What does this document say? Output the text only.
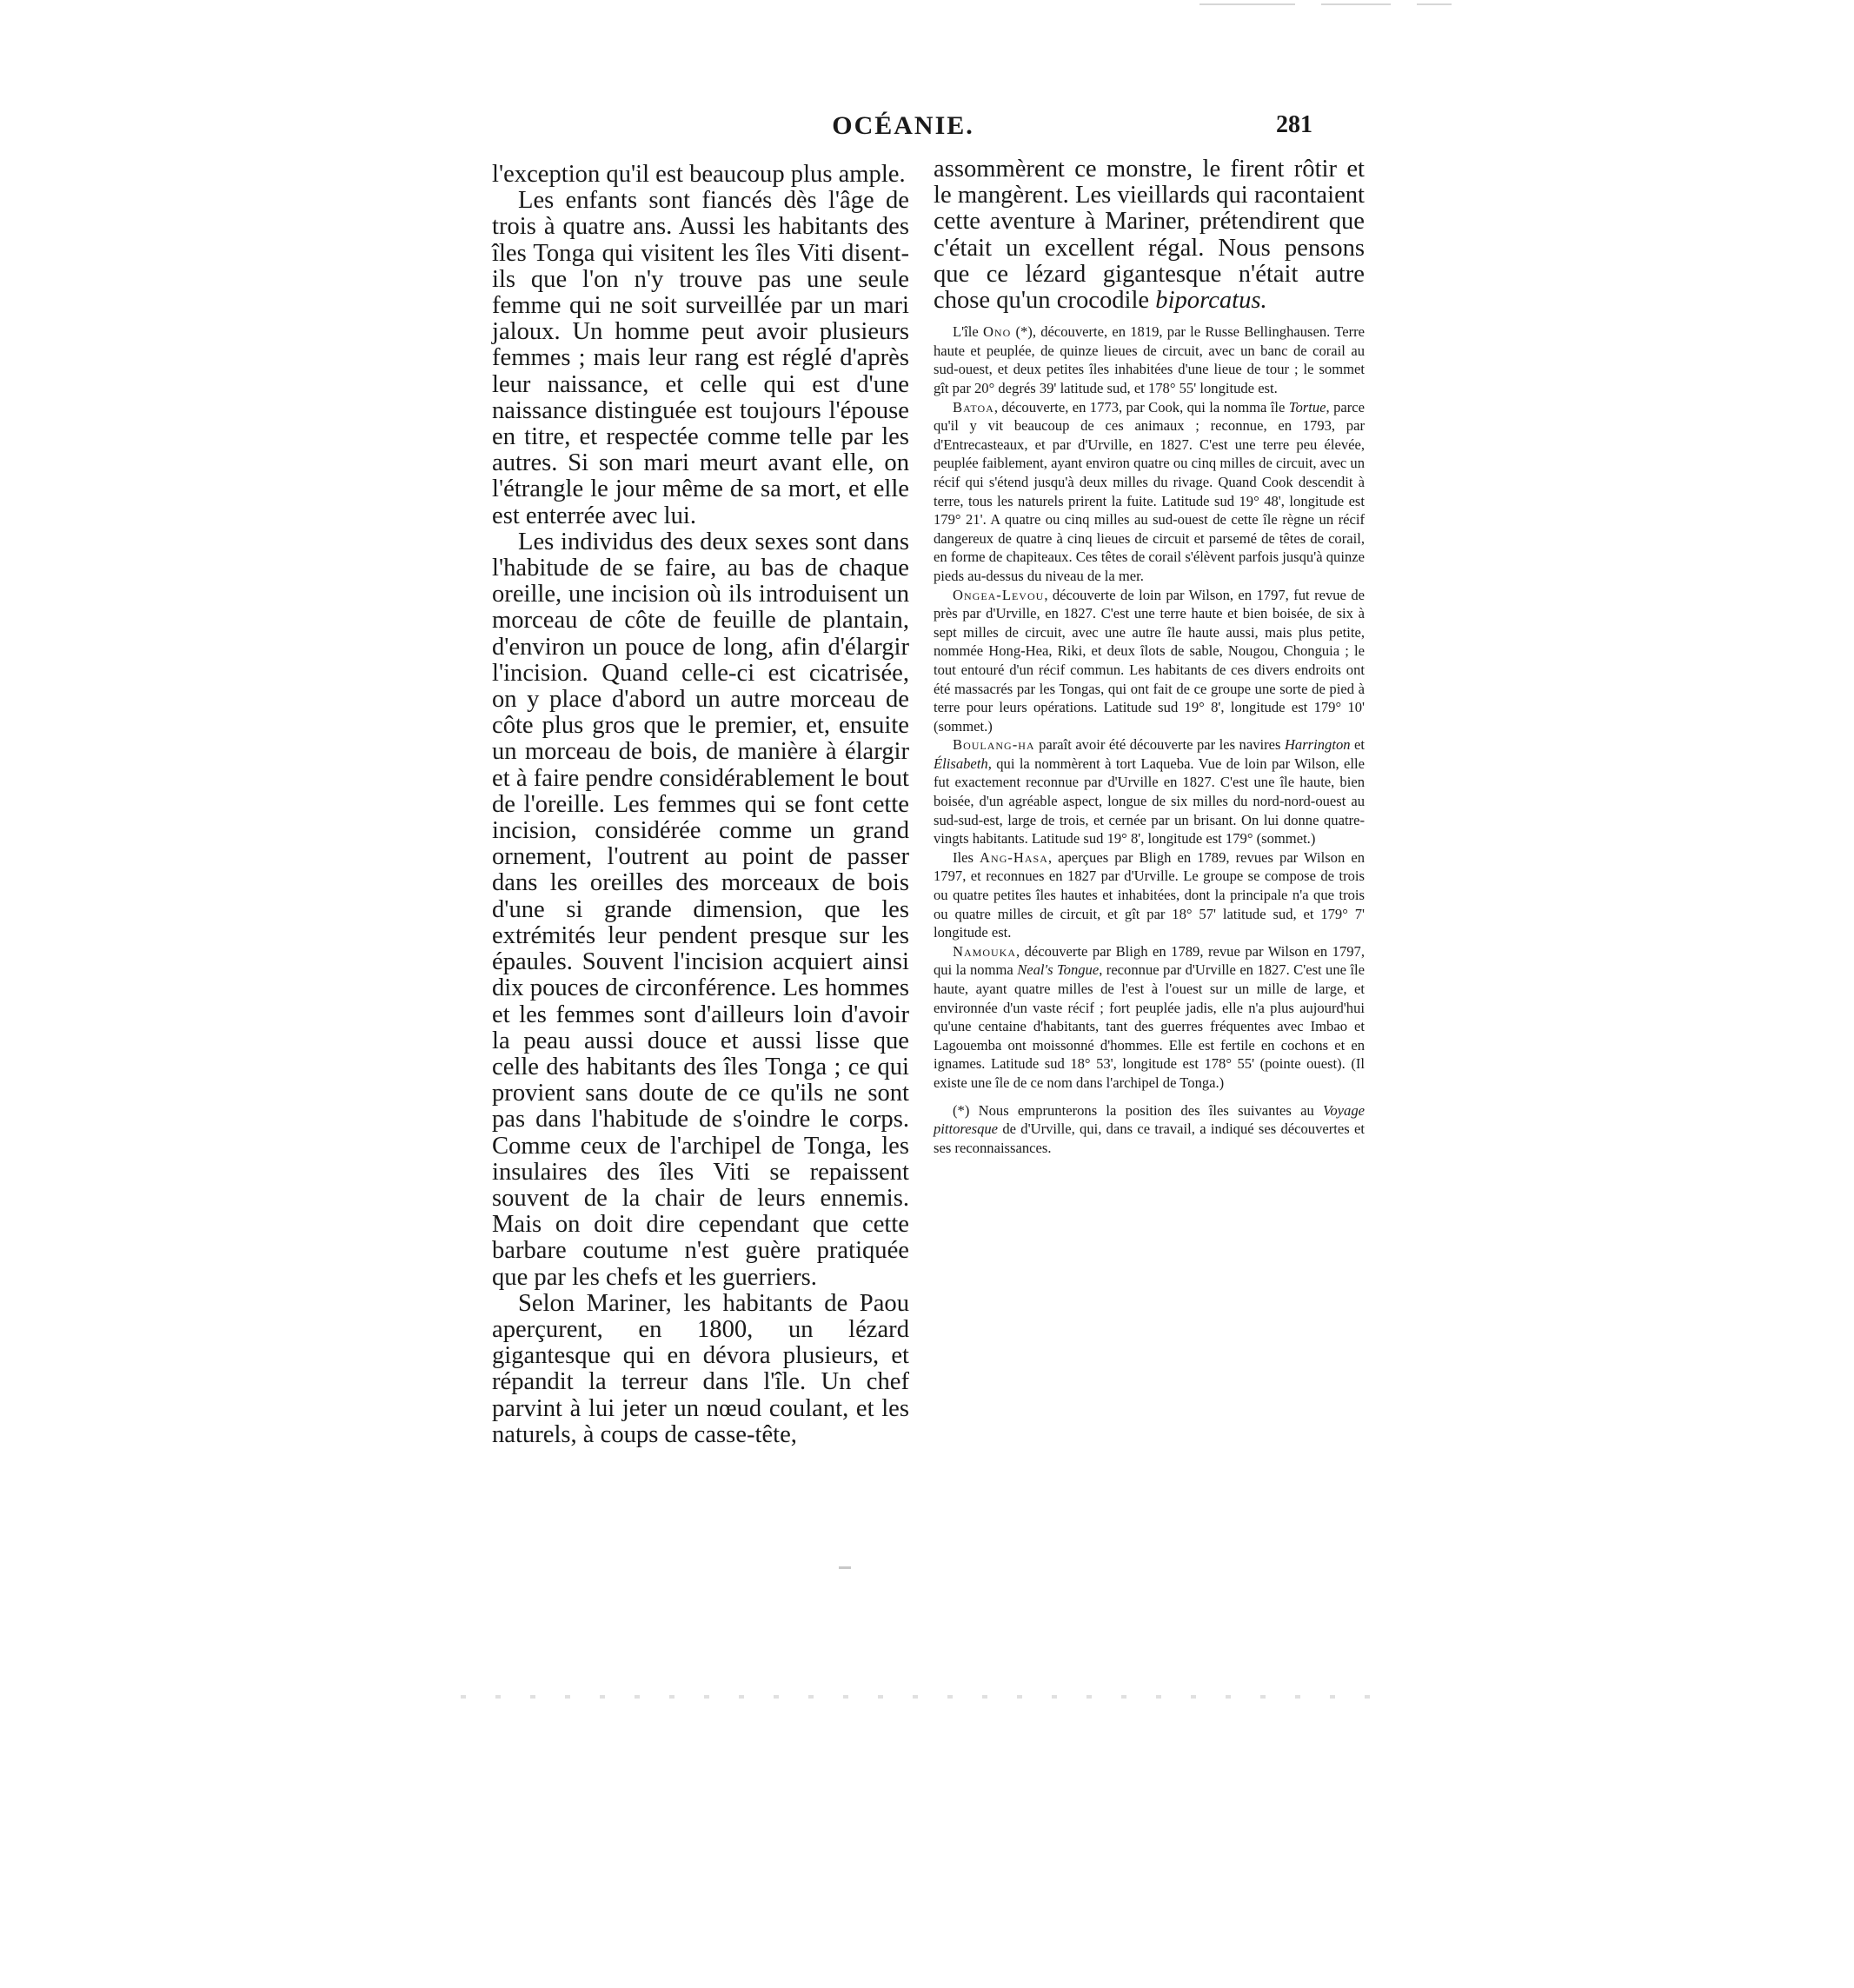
OCÉANIE.	281

l'exception qu'il est beaucoup plus ample.

Les enfants sont fiancés dès l'âge de trois à quatre ans. Aussi les habitants des îles Tonga qui visitent les îles Viti disent-ils que l'on n'y trouve pas une seule femme qui ne soit surveillée par un mari jaloux. Un homme peut avoir plusieurs femmes ; mais leur rang est réglé d'après leur naissance, et celle qui est d'une naissance distinguée est toujours l'épouse en titre, et respectée comme telle par les autres. Si son mari meurt avant elle, on l'étrangle le jour même de sa mort, et elle est enterrée avec lui.

Les individus des deux sexes sont dans l'habitude de se faire, au bas de chaque oreille, une incision où ils introduisent un morceau de côte de feuille de plantain, d'environ un pouce de long, afin d'élargir l'incision. Quand celle-ci est cicatrisée, on y place d'abord un autre morceau de côte plus gros que le premier, et, ensuite un morceau de bois, de manière à élargir et à faire pendre considérablement le bout de l'oreille. Les femmes qui se font cette incision, considérée comme un grand ornement, l'outrent au point de passer dans les oreilles des morceaux de bois d'une si grande dimension, que les extrémités leur pendent presque sur les épaules. Souvent l'incision acquiert ainsi dix pouces de circonférence. Les hommes et les femmes sont d'ailleurs loin d'avoir la peau aussi douce et aussi lisse que celle des habitants des îles Tonga ; ce qui provient sans doute de ce qu'ils ne sont pas dans l'habitude de s'oindre le corps. Comme ceux de l'archipel de Tonga, les insulaires des îles Viti se repaissent souvent de la chair de leurs ennemis. Mais on doit dire cependant que cette barbare coutume n'est guère pratiquée que par les chefs et les guerriers.

Selon Mariner, les habitants de Paou aperçurent, en 1800, un lézard gigantesque qui en dévora plusieurs, et répandit la terreur dans l'île. Un chef parvint à lui jeter un nœud coulant, et les naturels, à coups de casse-tête,

assommèrent ce monstre, le firent rôtir et le mangèrent. Les vieillards qui racontaient cette aventure à Mariner, prétendirent que c'était un excellent régal. Nous pensons que ce lézard gigantesque n'était autre chose qu'un crocodile biporcatus.

L'île Ono (*), découverte, en 1819, par le Russe Bellinghausen. Terre haute et peuplée, de quinze lieues de circuit, avec un banc de corail au sud-ouest, et deux petites îles inhabitées d'une lieue de tour ; le sommet gît par 20° degrés 39' latitude sud, et 178° 55' longitude est.

Batoa, découverte, en 1773, par Cook, qui la nomma île Tortue, parce qu'il y vit beaucoup de ces animaux ; reconnue, en 1793, par d'Entrecasteaux, et par d'Urville, en 1827. C'est une terre peu élevée, peuplée faiblement, ayant environ quatre ou cinq milles de circuit, avec un récif qui s'étend jusqu'à deux milles du rivage. Quand Cook descendit à terre, tous les naturels prirent la fuite. Latitude sud 19° 48', longitude est 179° 21'. A quatre ou cinq milles au sud-ouest de cette île règne un récif dangereux de quatre à cinq lieues de circuit et parsemé de têtes de corail, en forme de chapiteaux. Ces têtes de corail s'élèvent parfois jusqu'à quinze pieds au-dessus du niveau de la mer.

Ongea-Levou, découverte de loin par Wilson, en 1797, fut revue de près par d'Urville, en 1827. C'est une terre haute et bien boisée, de six à sept milles de circuit, avec une autre île haute aussi, mais plus petite, nommée Hong-Hea, Riki, et deux îlots de sable, Nougou, Chonguia ; le tout entouré d'un récif commun. Les habitants de ces divers endroits ont été massacrés par les Tongas, qui ont fait de ce groupe une sorte de pied à terre pour leurs opérations. Latitude sud 19° 8', longitude est 179° 10' (sommet.)

Boulang-ha paraît avoir été découverte par les navires Harrington et Élisabeth, qui la nommèrent à tort Laqueba. Vue de loin par Wilson, elle fut exactement reconnue par d'Urville en 1827. C'est une île haute, bien boisée, d'un agréable aspect, longue de six milles du nord-nord-ouest au sud-sud-est, large de trois, et cernée par un brisant. On lui donne quatre-vingts habitants. Latitude sud 19° 8', longitude est 179° (sommet.)

Iles Ang-Hasa, aperçues par Bligh en 1789, revues par Wilson en 1797, et reconnues en 1827 par d'Urville. Le groupe se compose de trois ou quatre petites îles hautes et inhabitées, dont la principale n'a que trois ou quatre milles de circuit, et gît par 18° 57' latitude sud, et 179° 7' longitude est.

Namouka, découverte par Bligh en 1789, revue par Wilson en 1797, qui la nomma Neal's Tongue, reconnue par d'Urville en 1827. C'est une île haute, ayant quatre milles de l'est à l'ouest sur un mille de large, et environnée d'un vaste récif ; fort peuplée jadis, elle n'a plus aujourd'hui qu'une centaine d'habitants, tant des guerres fréquentes avec Imbao et Lagouemba ont moissonné d'hommes. Elle est fertile en cochons et en ignames. Latitude sud 18° 53', longitude est 178° 55' (pointe ouest). (Il existe une île de ce nom dans l'archipel de Tonga.)

(*) Nous emprunterons la position des îles suivantes au Voyage pittoresque de d'Urville, qui, dans ce travail, a indiqué ses découvertes et ses reconnaissances.
